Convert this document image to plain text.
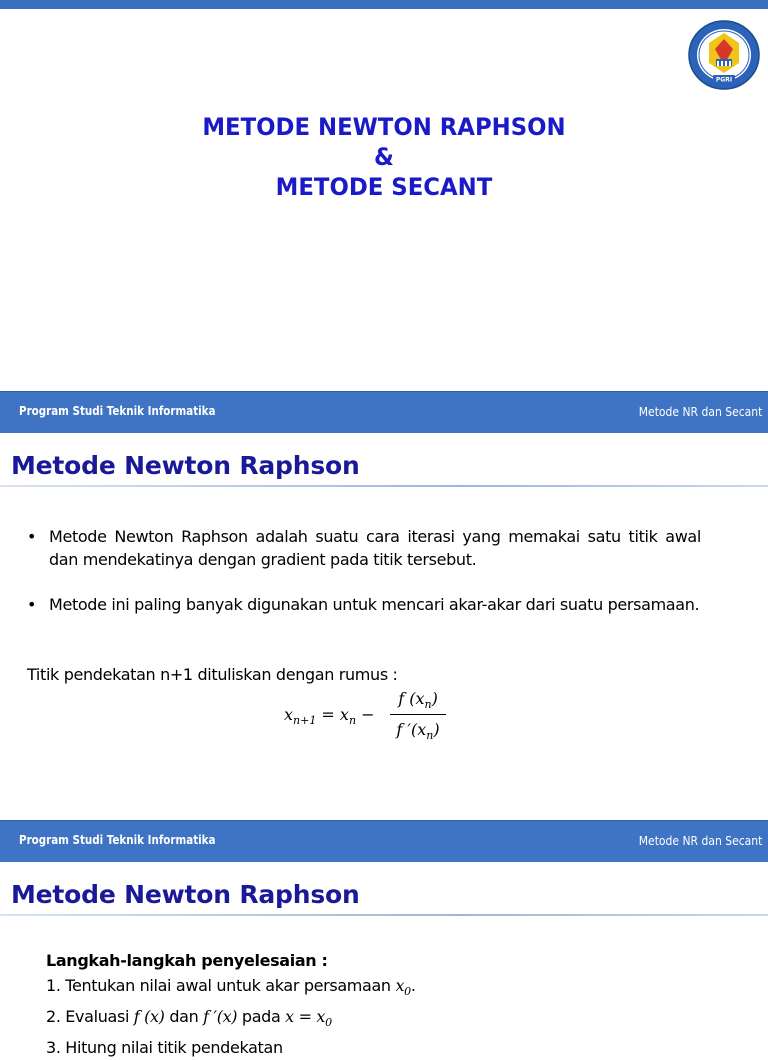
PGRI
METODE NEWTON RAPHSON
&
METODE SECANT
Program Studi Teknik Informatika	Metode NR dan Secant
Metode Newton Raphson
• Metode Newton Raphson adalah suatu cara iterasi yang memakai satu titik awal dan mendekatinya dengan gradient pada titik tersebut.
• Metode ini paling banyak digunakan untuk mencari akar-akar dari suatu persamaan.
Titik pendekatan n+1 dituliskan dengan rumus :
$x_{n+1} = x_n$ −
f $(x_n)$
f $'(x_n)$
Program Studi Teknik Informatika	Metode NR dan Secant
Metode Newton Raphson
Langkah-langkah penyelesaian :
1. Tentukan nilai awal untuk akar persamaan $x_0$.
2. Evaluasi f (x) dan f ′(x) pada $x = x_0$
3. Hitung nilai titik pendekatan
